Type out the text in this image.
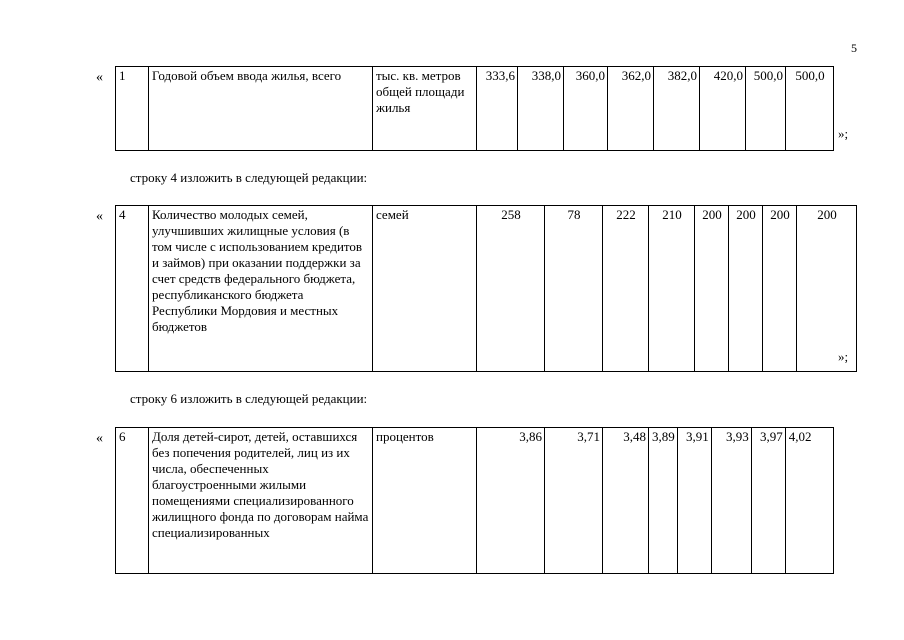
5
« 1	Годовой объем ввода жилья, всего	тыс. кв. метров общей площади жилья	333,6	338,0	360,0	362,0	382,0	420,0	500,0	500,0
»;
строку 4 изложить в следующей редакции:
« 4	Количество молодых семей, улучшивших жилищные условия (в том числе с использованием кредитов и займов) при оказании поддержки за счет средств федерального бюджета, республиканского бюджета Республики Мордовия и местных бюджетов	семей	258	78	222	210	200	200	200	200
»;
строку 6 изложить в следующей редакции:
« 6	Доля детей-сирот, детей, оставшихся без попечения родителей, лиц из их числа, обеспеченных благоустроенными жилыми помещениями специализированного жилищного фонда по договорам найма специализированных	процентов	3,86	3,71	3,48	3,89	3,91	3,93	3,97	4,02
